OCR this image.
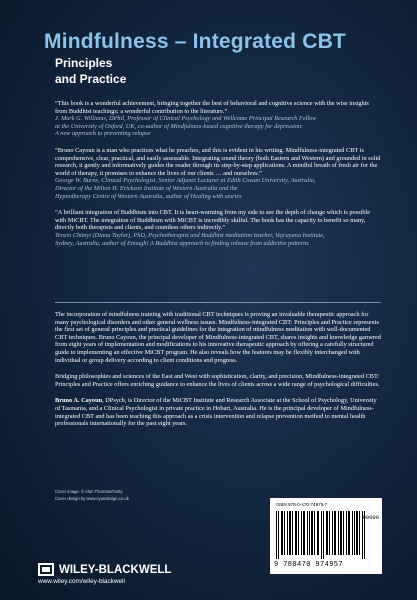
Mindfulness – Integrated CBT
Principles
and Practice

“This book is a wonderful achievement, bringing together the best of behavioral and cognitive science with the wise insights from Buddhist teachings; a wonderful contribution to the literature.”

J. Mark G. Williams, DPhil, Professor of Clinical Psychology and Wellcome Principal Research Fellow
at the University of Oxford, UK, co-author of Mindfulness-based cognitive therapy for depression:
A new approach to preventing relapse

“Bruno Cayoun is a man who practices what he preaches, and this is evident in his writing. Mindfulness-integrated CBT is comprehensive, clear, practical, and easily assessable. Integrating sound theory (both Eastern and Western) and grounded in solid research, it gently and informatively guides the reader through its step-by-step applications. A mindful breath of fresh air for the world of therapy, it promises to enhance the lives of our clients … and ourselves.”

George W. Burns, Clinical Psychologist, Senior Adjunct Lecturer at Edith Cowan University, Australia,
Director of the Milton H. Erickson Institute of Western Australia and the
Hypnotherapy Centre of Western Australia, author of Healing with stories

“A brilliant integration of Buddhism into CBT. It is heart-warming from my side to see the depth of change which is possible with MiCBT. The integration of Buddhism with MiCBT is incredibly skilful. The book has the capacity to benefit so many, directly both therapists and clients, and countless others indirectly.”

Tenzin Chönyi (Diana Taylor), PhD, Psychotherapist and Buddhist meditation teacher, Vajrayana Institute,
Sydney, Australia, author of Enough! A Buddhist approach to finding release from addictive patterns

The incorporation of mindfulness training with traditional CBT techniques is proving an invaluable therapeutic approach for many psychological disorders and other general wellness issues. Mindfulness-integrated CBT: Principles and Practice represents the first set of general principles and practical guidelines for the integration of mindfulness meditation with well-documented CBT techniques. Bruno Cayoun, the principal developer of Mindfulness-integrated CBT, shares insights and knowledge garnered from eight years of implementation and modifications to his innovative therapeutic approach by offering a carefully structured guide to implementing an effective MiCBT program. He also reveals how the features may be flexibly interchanged with individual or group delivery according to client conditions and progress.

Bridging philosophies and sciences of the East and West with sophistication, clarity, and precision, Mindfulness-integrated CBT: Principles and Practice offers enriching guidance to enhance the lives of clients across a wide range of psychological difficulties.

Bruno A. Cayoun, DPsych, is Director of the MiCBT Institute and Research Associate at the School of Psychology, University of Tasmania, and a Clinical Psychologist in private practice in Hobart, Australia. He is the principal developer of Mindfulness-integrated CBT and has been teaching this approach as a crisis intervention and relapse prevention method to mental health professionals internationally for the past eight years.

Cover image: © Alan Thornton/Getty
Cover design by www.cyandesign.co.uk
WILEY-BLACKWELL
www.wiley.com/wiley-blackwell
ISBN 978-0-470-74975-7
90000
9 780470 974957
